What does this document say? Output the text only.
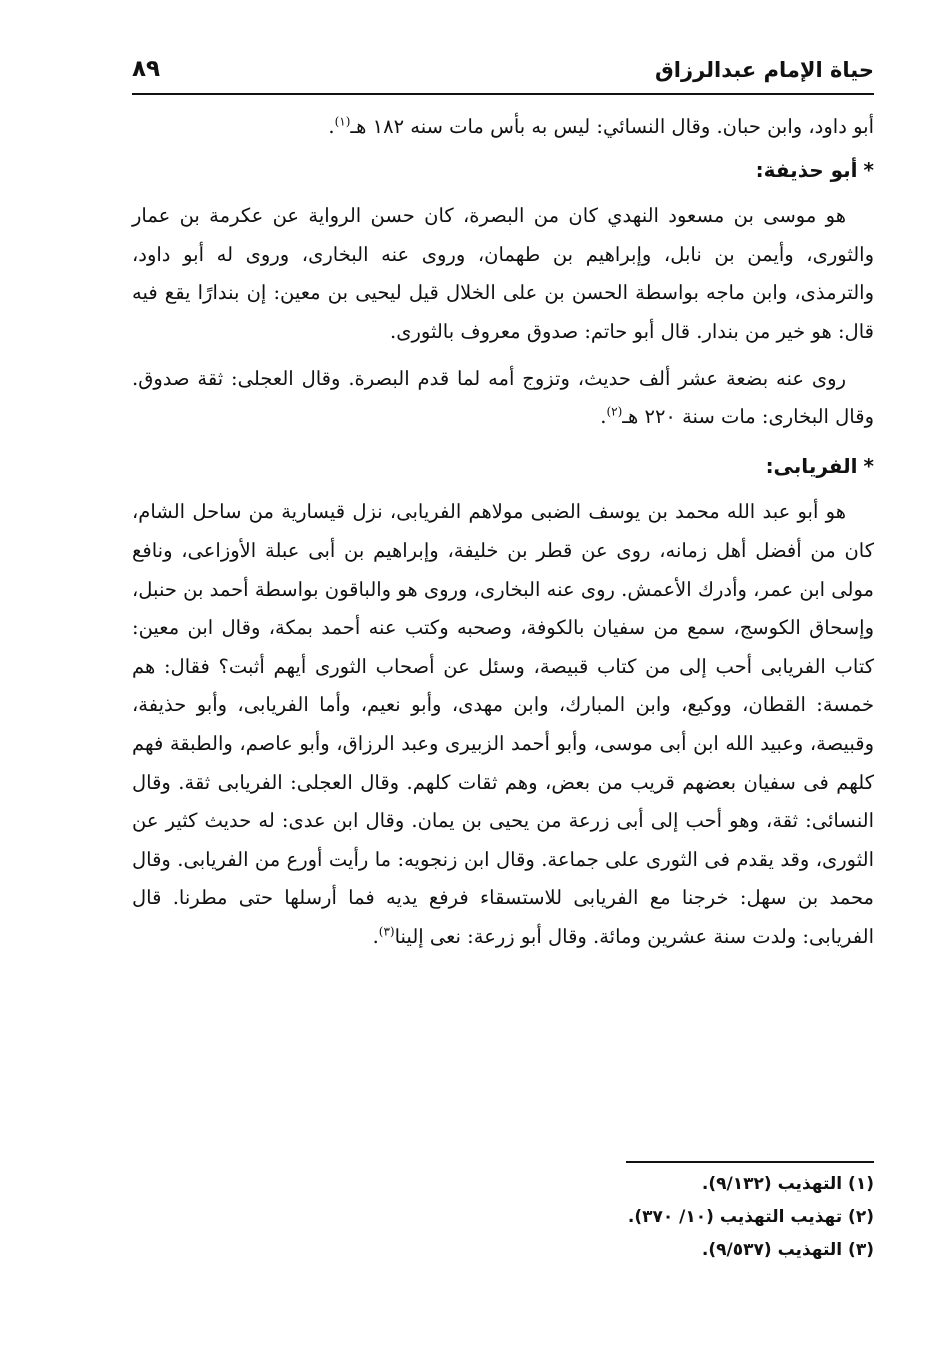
حياة الإمام عبدالرزاق
٨٩

أبو داود، وابن حبان. وقال النسائي: ليس به بأس مات سنه ١٨٢ هـ$^{(١)}$.

*أبو حذيفة:

هو موسى بن مسعود النهدي كان من البصرة، كان حسن الرواية عن عكرمة بن عمار والثورى، وأيمن بن نابل، وإبراهيم بن طهمان، وروى عنه البخارى، وروى له أبو داود، والترمذى، وابن ماجه بواسطة الحسن بن على الخلال قيل ليحيى بن معين: إن بندارًا يقع فيه قال: هو خير من بندار. قال أبو حاتم: صدوق معروف بالثورى.

روى عنه بضعة عشر ألف حديث، وتزوج أمه لما قدم البصرة. وقال العجلى: ثقة صدوق. وقال البخارى: مات سنة ٢٢٠ هـ$^{(٢)}$.

*الفريابى:

هو أبو عبد الله محمد بن يوسف الضبى مولاهم الفريابى، نزل قيسارية من ساحل الشام، كان من أفضل أهل زمانه، روى عن قطر بن خليفة، وإبراهيم بن أبى عبلة الأوزاعى، ونافع مولى ابن عمر، وأدرك الأعمش. روى عنه البخارى، وروى هو والباقون بواسطة أحمد بن حنبل، وإسحاق الكوسج، سمع من سفيان بالكوفة، وصحبه وكتب عنه أحمد بمكة، وقال ابن معين: كتاب الفريابى أحب إلى من كتاب قبيصة، وسئل عن أصحاب الثورى أيهم أثبت؟ فقال: هم خمسة: القطان، ووكيع، وابن المبارك، وابن مهدى، وأبو نعيم، وأما الفريابى، وأبو حذيفة، وقبيصة، وعبيد الله ابن أبى موسى، وأبو أحمد الزبيرى وعبد الرزاق، وأبو عاصم، والطبقة فهم كلهم فى سفيان بعضهم قريب من بعض، وهم ثقات كلهم. وقال العجلى: الفريابى ثقة. وقال النسائى: ثقة، وهو أحب إلى أبى زرعة من يحيى بن يمان. وقال ابن عدى: له حديث كثير عن الثورى، وقد يقدم فى الثورى على جماعة. وقال ابن زنجويه: ما رأيت أورع من الفريابى. وقال محمد بن سهل: خرجنا مع الفريابى للاستسقاء فرفع يديه فما أرسلها حتى مطرنا. قال الفريابى: ولدت سنة عشرين ومائة. وقال أبو زرعة: نعى إلينا$^{(٣)}$.

(١) التهذيب (٩/١٣٢).
(٢) تهذيب التهذيب (١٠/ ٣٧٠).
(٣) التهذيب (٩/٥٣٧).
